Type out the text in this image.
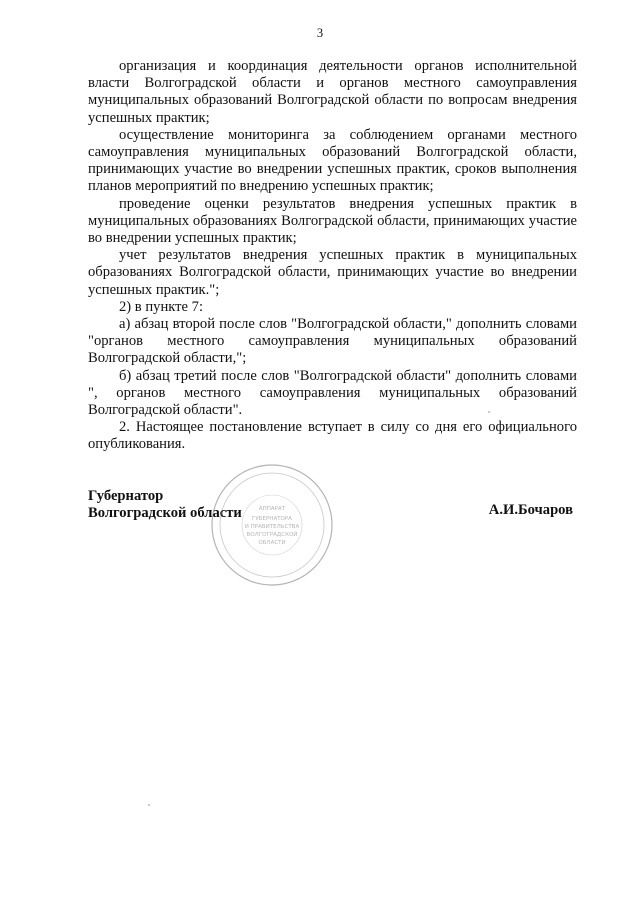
3

организация и координация деятельности органов исполнительной власти Волгоградской области и органов местного самоуправления муниципальных образований Волгоградской области по вопросам внедрения успешных практик;

осуществление мониторинга за соблюдением органами местного самоуправления муниципальных образований Волгоградской области, принимающих участие во внедрении успешных практик, сроков выполнения планов мероприятий по внедрению успешных практик;

проведение оценки результатов внедрения успешных практик в муниципальных образованиях Волгоградской области, принимающих участие во внедрении успешных практик;

учет результатов внедрения успешных практик в муниципальных образованиях Волгоградской области, принимающих участие во внедрении успешных практик.";

2) в пункте 7:

а) абзац второй после слов "Волгоградской области," дополнить словами "органов местного самоуправления муниципальных образований Волгоградской области,";

б) абзац третий после слов "Волгоградской области" дополнить словами ", органов местного самоуправления муниципальных образований Волгоградской области".

2. Настоящее постановление вступает в силу со дня его официального опубликования.

Губернатор
Волгоградской области	А.И.Бочаров
АППАРАТ
ГУБЕРНАТОРА
И ПРАВИТЕЛЬСТВА
ВОЛГОГРАДСКОЙ
ОБЛАСТИ
